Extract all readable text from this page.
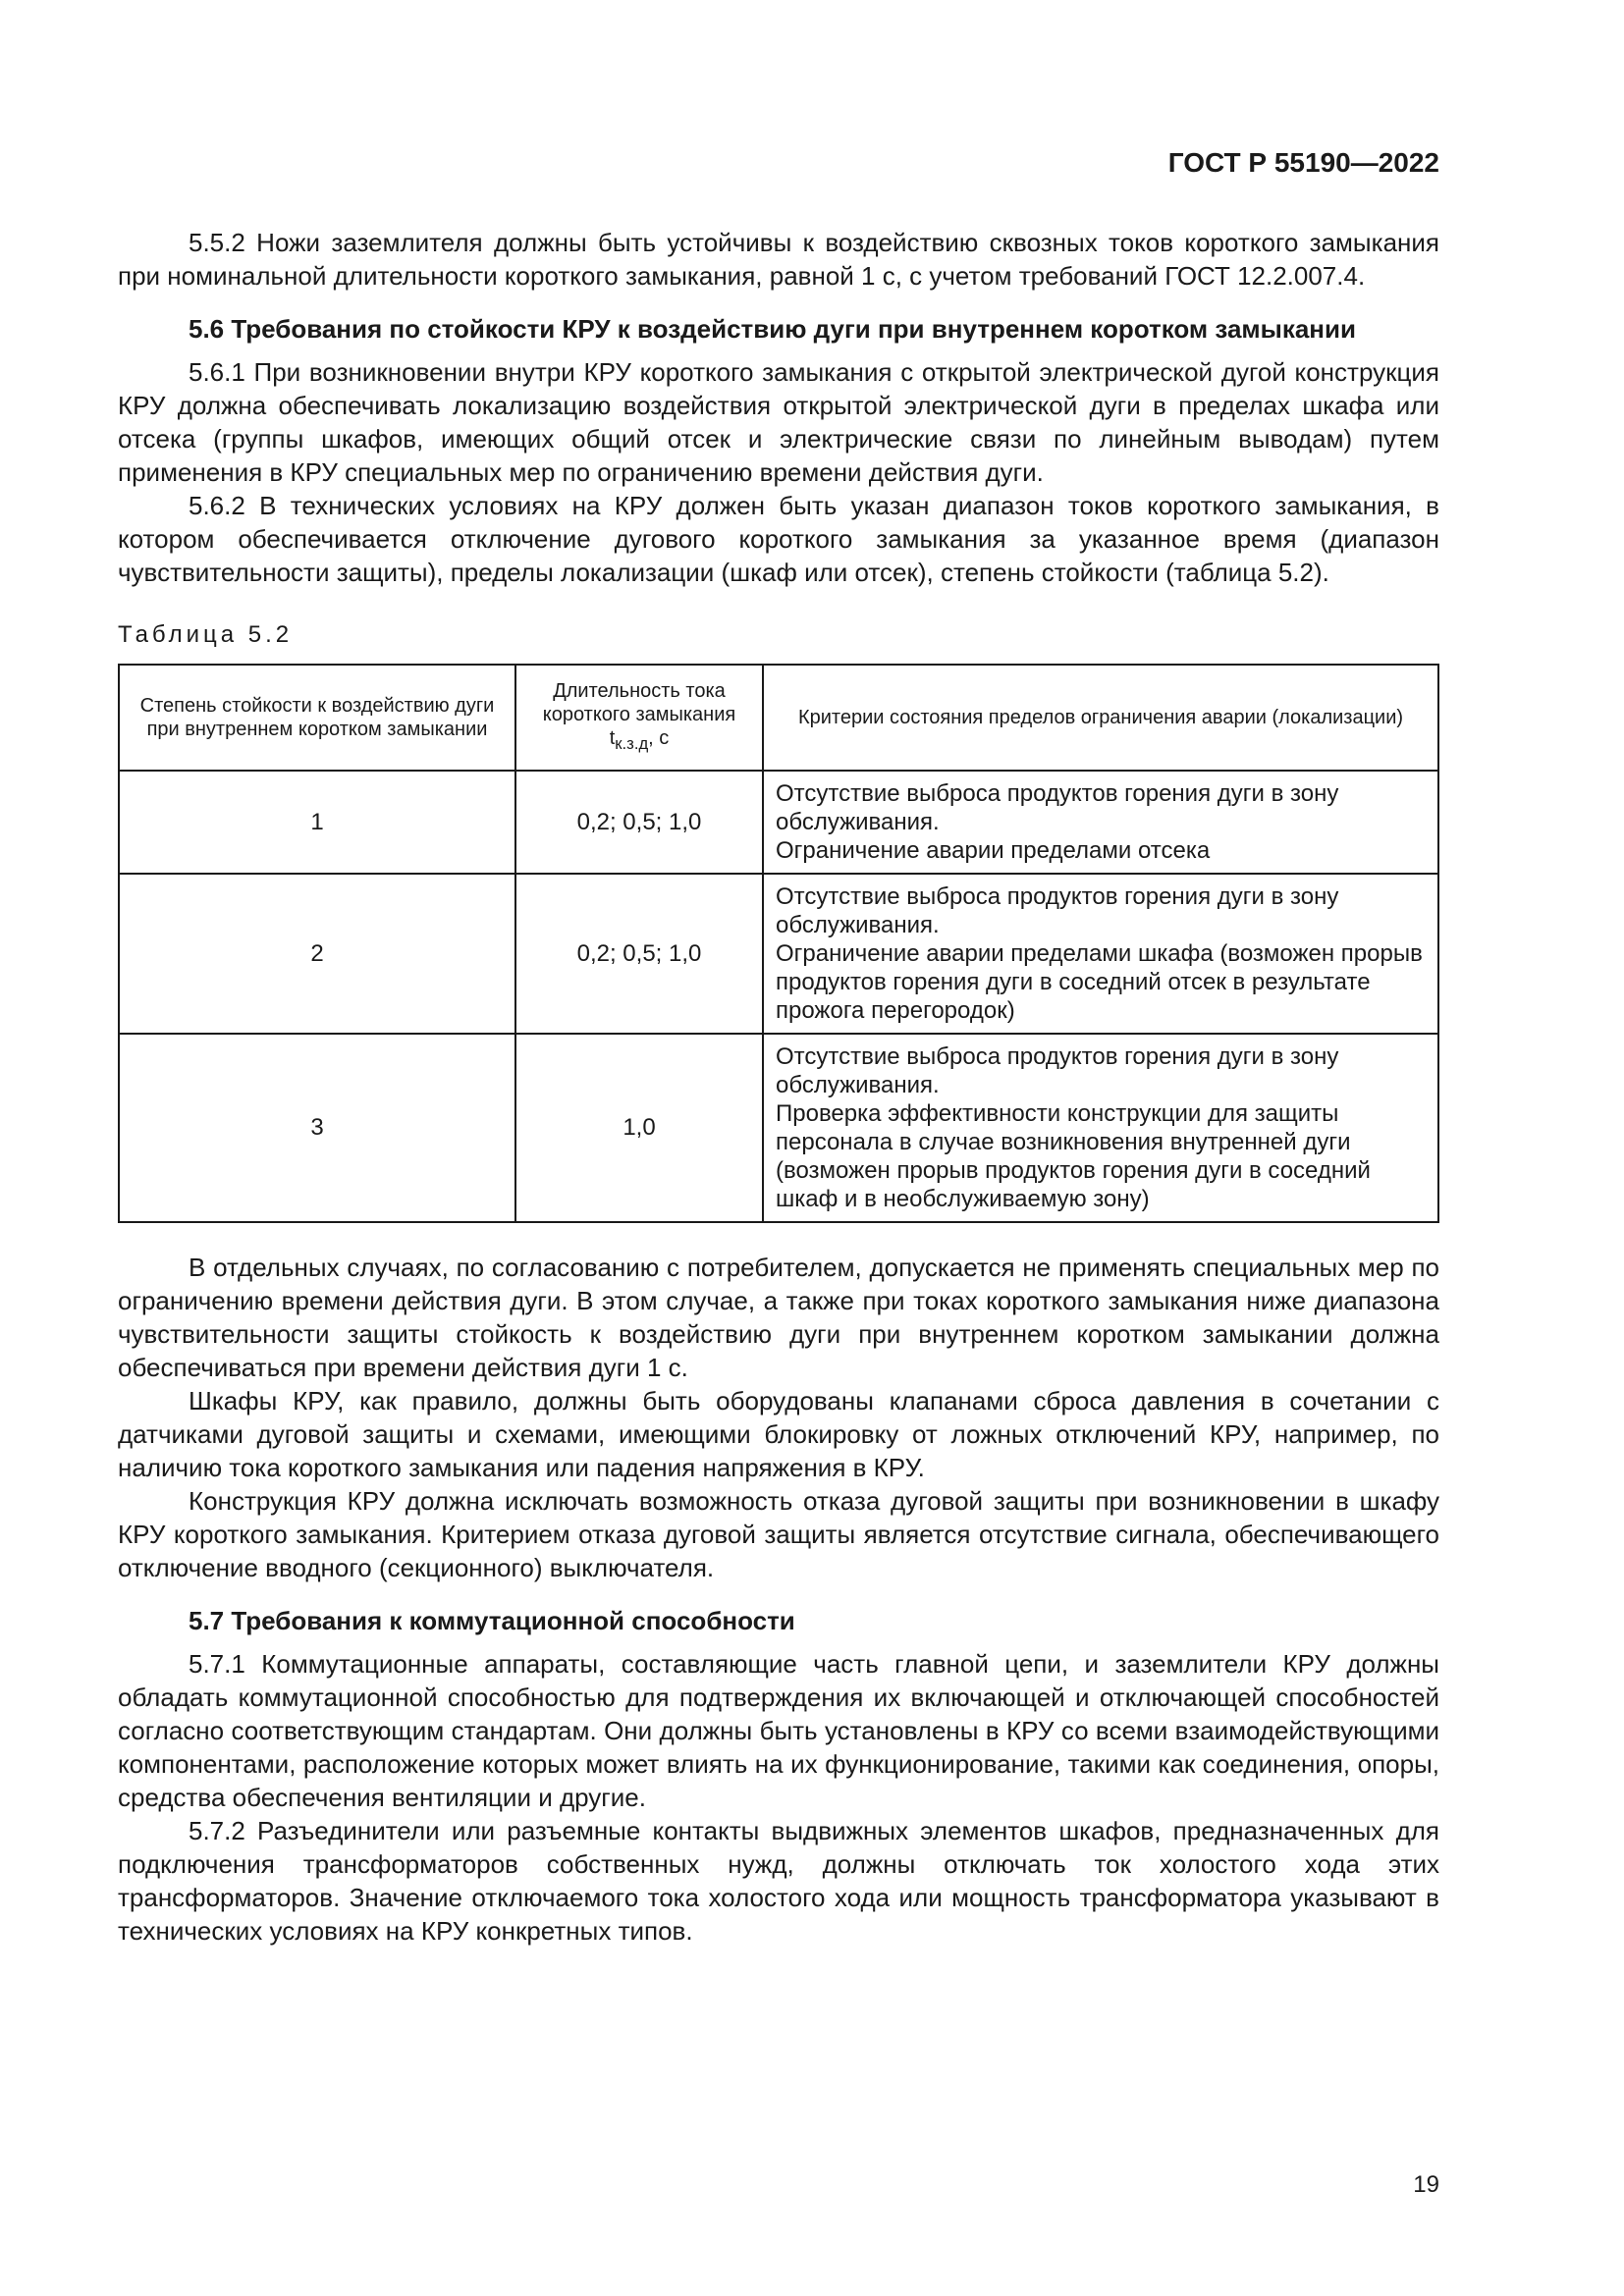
ГОСТ Р 55190—2022

5.5.2 Ножи заземлителя должны быть устойчивы к воздействию сквозных токов короткого замыкания при номинальной длительности короткого замыкания, равной 1 с, с учетом требований ГОСТ 12.2.007.4.

5.6 Требования по стойкости КРУ к воздействию дуги при внутреннем коротком замыкании

5.6.1 При возникновении внутри КРУ короткого замыкания с открытой электрической дугой конструкция КРУ должна обеспечивать локализацию воздействия открытой электрической дуги в пределах шкафа или отсека (группы шкафов, имеющих общий отсек и электрические связи по линейным выводам) путем применения в КРУ специальных мер по ограничению времени действия дуги.

5.6.2 В технических условиях на КРУ должен быть указан диапазон токов короткого замыкания, в котором обеспечивается отключение дугового короткого замыкания за указанное время (диапазон чувствительности защиты), пределы локализации (шкаф или отсек), степень стойкости (таблица 5.2).

Таблица 5.2
Степень стойкости к воздействию дуги при внутреннем коротком замыкании	Длительность тока короткого замыкания $t_{к.з.д}$, с	Критерии состояния пределов ограничения аварии (локализации)
1	0,2; 0,5; 1,0	Отсутствие выброса продуктов горения дуги в зону обслуживания.
Ограничение аварии пределами отсека

2	0,2; 0,5; 1,0	Отсутствие выброса продуктов горения дуги в зону обслуживания.
Ограничение аварии пределами шкафа (возможен прорыв продуктов горения дуги в соседний отсек в результате прожога перегородок)

3	1,0	Отсутствие выброса продуктов горения дуги в зону обслуживания.
Проверка эффективности конструкции для защиты персонала в случае возникновения внутренней дуги (возможен прорыв продуктов горения дуги в соседний шкаф и в необслуживаемую зону)

В отдельных случаях, по согласованию с потребителем, допускается не применять специальных мер по ограничению времени действия дуги. В этом случае, а также при токах короткого замыкания ниже диапазона чувствительности защиты стойкость к воздействию дуги при внутреннем коротком замыкании должна обеспечиваться при времени действия дуги 1 с.

Шкафы КРУ, как правило, должны быть оборудованы клапанами сброса давления в сочетании с датчиками дуговой защиты и схемами, имеющими блокировку от ложных отключений КРУ, например, по наличию тока короткого замыкания или падения напряжения в КРУ.

Конструкция КРУ должна исключать возможность отказа дуговой защиты при возникновении в шкафу КРУ короткого замыкания. Критерием отказа дуговой защиты является отсутствие сигнала, обеспечивающего отключение вводного (секционного) выключателя.

5.7 Требования к коммутационной способности

5.7.1 Коммутационные аппараты, составляющие часть главной цепи, и заземлители КРУ должны обладать коммутационной способностью для подтверждения их включающей и отключающей способностей согласно соответствующим стандартам. Они должны быть установлены в КРУ со всеми взаимодействующими компонентами, расположение которых может влиять на их функционирование, такими как соединения, опоры, средства обеспечения вентиляции и другие.

5.7.2 Разъединители или разъемные контакты выдвижных элементов шкафов, предназначенных для подключения трансформаторов собственных нужд, должны отключать ток холостого хода этих трансформаторов. Значение отключаемого тока холостого хода или мощность трансформатора указывают в технических условиях на КРУ конкретных типов.

19
